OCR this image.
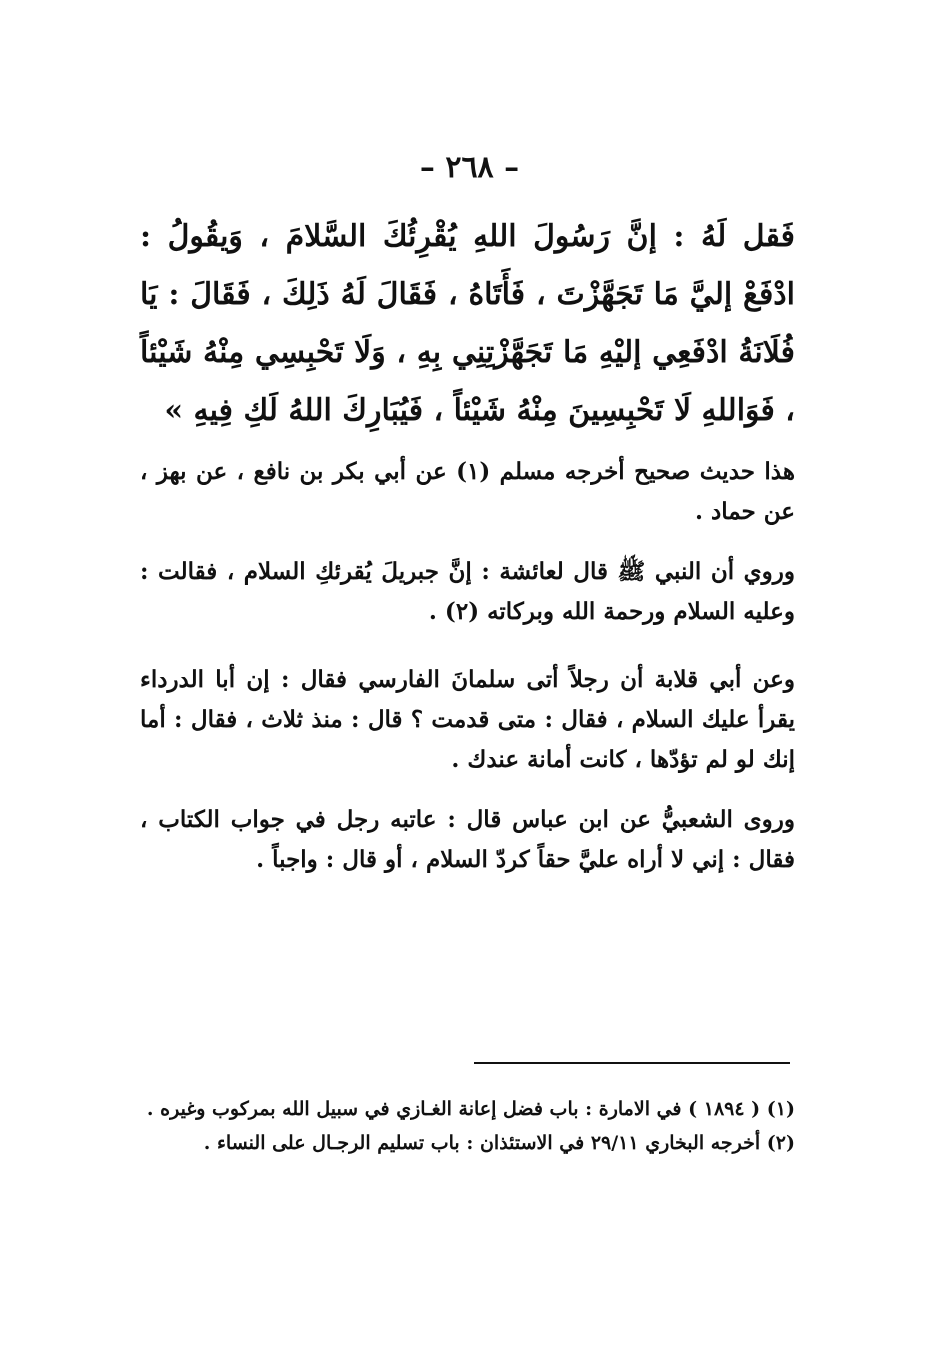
– ٢٦٨ –
فَقل لَهُ : إنَّ رَسُولَ اللهِ يُقْرِئُكَ السَّلامَ ، وَيقُولُ : ادْفَعْ إليَّ مَا تَجَهَّزْتَ ، فَأَتَاهُ ، فَقَالَ لَهُ ذَلِكَ ، فَقَالَ : يَا فُلَانَةُ ادْفَعِي إليْهِ مَا تَجَهَّزْتِنِي بِهِ ، وَلَا تَحْبِسِي مِنْهُ شَيْئاً ، فَوَاللهِ لَا تَحْبِسِينَ مِنْهُ شَيْئاً ، فَيُبَارِكَ اللهُ لَكِ فِيهِ »
هذا حديث صحيح أخرجه مسلم (١) عن أبي بكر بن نافع ، عن بهز ، عن حماد .
وروي أن النبي ﷺ قال لعائشة : إنَّ جبريلَ يُقرئكِ السلام ، فقالت : وعليه السلام ورحمة الله وبركاته (٢) .
وعن أبي قلابة أن رجلاً أتى سلمانَ الفارسي فقال : إن أبا الدرداء يقرأ عليك السلام ، فقال : متى قدمت ؟ قال : منذ ثلاث ، فقال : أما إنك لو لم تؤدّها ، كانت أمانة عندك .
وروى الشعبيُّ عن ابن عباس قال : عاتبه رجل في جواب الكتاب ، فقال : إني لا أراه عليَّ حقاً كردّ السلام ، أو قال : واجباً .

(١) ( ١٨٩٤ ) في الامارة : باب فضل إعانة الغـازي في سبيل الله بمركوب وغيره .

(٢) أخرجه البخاري ٢٩/١١ في الاستئذان : باب تسليم الرجـال على النساء .
